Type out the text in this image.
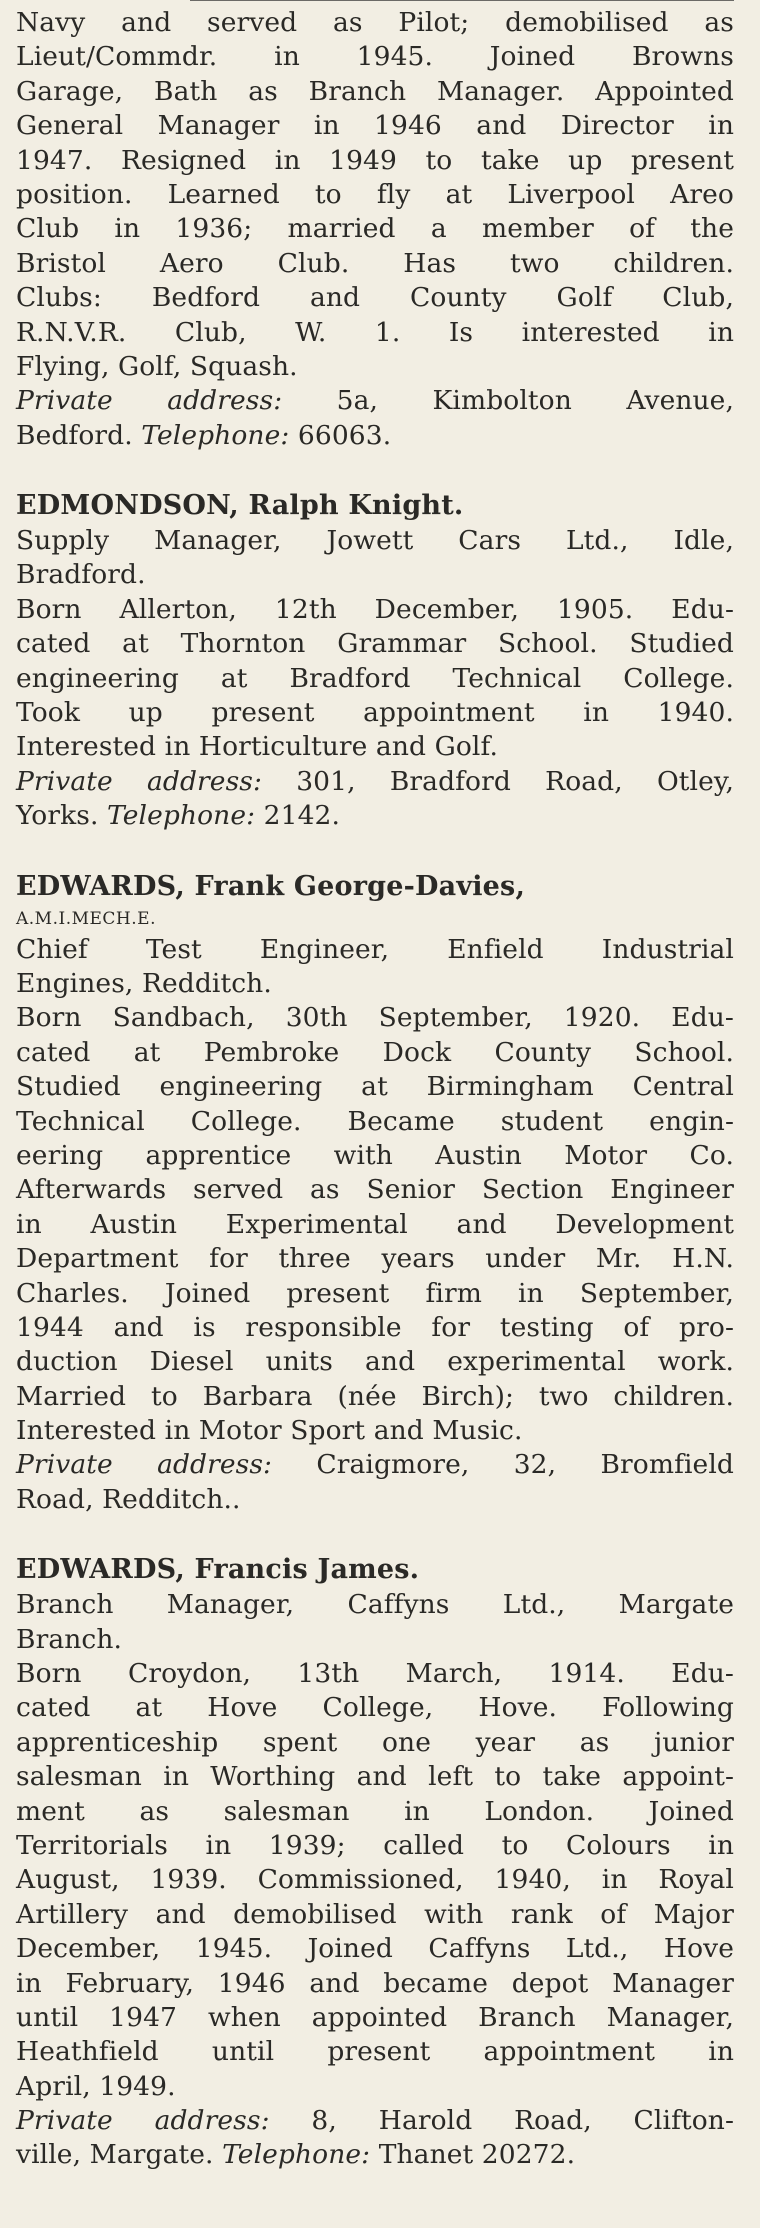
Navy and served as Pilot; demobilised as
Lieut/Commdr. in 1945. Joined Browns
Garage, Bath as Branch Manager. Appointed
General Manager in 1946 and Director in
1947. Resigned in 1949 to take up present
position. Learned to fly at Liverpool Areo
Club in 1936; married a member of the
Bristol Aero Club. Has two children.
Clubs: Bedford and County Golf Club,
R.N.V.R. Club, W. 1. Is interested in
Flying, Golf, Squash.
Private address: 5a, Kimbolton Avenue,
Bedford. Telephone: 66063.
EDMONDSON, Ralph Knight.
Supply Manager, Jowett Cars Ltd., Idle,
Bradford.
Born Allerton, 12th December, 1905. Edu-
cated at Thornton Grammar School. Studied
engineering at Bradford Technical College.
Took up present appointment in 1940.
Interested in Horticulture and Golf.
Private address: 301, Bradford Road, Otley,
Yorks. Telephone: 2142.
EDWARDS, Frank George-Davies,
A.M.I.MECH.E.
Chief Test Engineer, Enfield Industrial
Engines, Redditch.
Born Sandbach, 30th September, 1920. Edu-
cated at Pembroke Dock County School.
Studied engineering at Birmingham Central
Technical College. Became student engin-
eering apprentice with Austin Motor Co.
Afterwards served as Senior Section Engineer
in Austin Experimental and Development
Department for three years under Mr. H.N.
Charles. Joined present firm in September,
1944 and is responsible for testing of pro-
duction Diesel units and experimental work.
Married to Barbara (née Birch); two children.
Interested in Motor Sport and Music.
Private address: Craigmore, 32, Bromfield
Road, Redditch..
EDWARDS, Francis James.
Branch Manager, Caffyns Ltd., Margate
Branch.
Born Croydon, 13th March, 1914. Edu-
cated at Hove College, Hove. Following
apprenticeship spent one year as junior
salesman in Worthing and left to take appoint-
ment as salesman in London. Joined
Territorials in 1939; called to Colours in
August, 1939. Commissioned, 1940, in Royal
Artillery and demobilised with rank of Major
December, 1945. Joined Caffyns Ltd., Hove
in February, 1946 and became depot Manager
until 1947 when appointed Branch Manager,
Heathfield until present appointment in
April, 1949.
Private address: 8, Harold Road, Clifton-
ville, Margate. Telephone: Thanet 20272.
